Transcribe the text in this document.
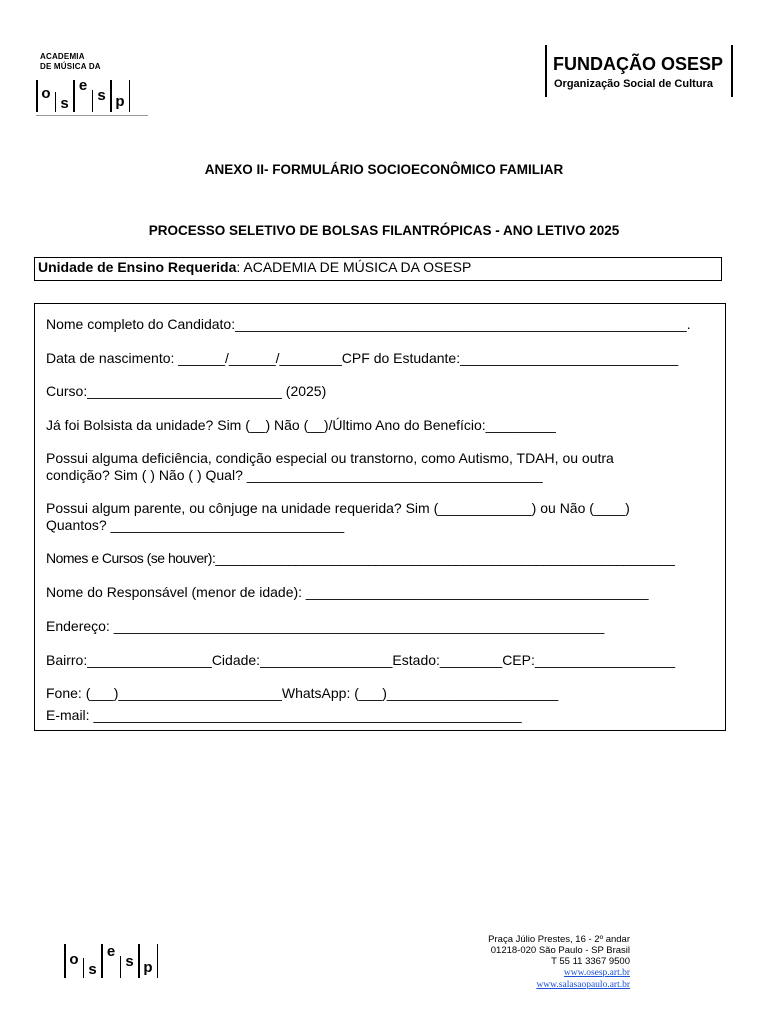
ACADEMIA
DE MÚSICA DA
o
s
e
s p
FUNDAÇÃO OSESP
Organização Social de Cultura
ANEXO II- FORMULÁRIO SOCIOECONÔMICO FAMILIAR
PROCESSO SELETIVO DE BOLSAS FILANTRÓPICAS - ANO LETIVO 2025
Unidade de Ensino Requerida: ACADEMIA DE MÚSICA DA OSESP
Nome completo do Candidato:__________________________________________________________.
Data de nascimento: ______/______/________CPF do Estudante:____________________________
Curso:_________________________ (2025)
Já foi Bolsista da unidade? Sim (__) Não (__)/Último Ano do Benefício:_________
Possui alguma deficiência, condição especial ou transtorno, como Autismo, TDAH, ou outra
condição? Sim ( ) Não ( ) Qual? ______________________________________
Possui algum parente, ou cônjuge na unidade requerida? Sim (____________) ou Não (____)
Quantos? ______________________________
Nomes e Cursos (se houver):_______________________________________________________________
Nome do Responsável (menor de idade): ____________________________________________
Endereço: _______________________________________________________________
Bairro:________________Cidade:_________________Estado:________CEP:__________________
Fone: (___)_____________________WhatsApp: (___)______________________
E-mail: _______________________________________________________
o
s
e
s p
Praça Júlio Prestes, 16 - 2º andar
01218-020 São Paulo - SP Brasil
T 55 11 3367 9500
www.osesp.art.br
www.salasaopaulo.art.br
